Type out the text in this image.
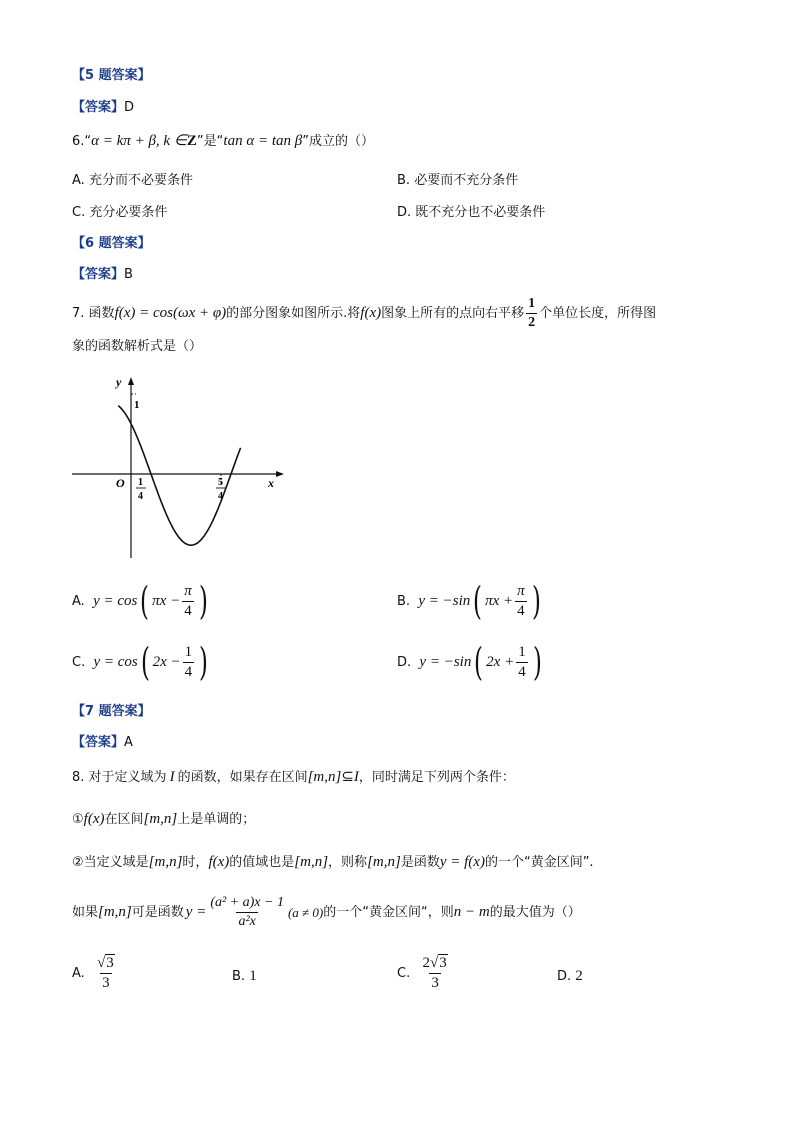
【5 题答案】
【答案】D
6. “ α = kπ + β , k ∈ Z ”是“ tan α = tan β ”成立的（）
A. 充分而不必要条件	B. 必要而不充分条件
C. 充分必要条件	D. 既不充分也不必要条件
【6 题答案】
【答案】B
7.
函数 f(x) = cos(ωx + φ) 的部分图象如图所示.将 f(x) 图象上所有的点向右平移 $\frac{1}{2}$ 个单位长度，所得图
象的函数解析式是（）
y
x
O
1
1
4
5
4
A.
y = cos ( $\pi x - \frac{\pi}{4}$ )	B.
y = −sin ( $\pi x + \frac{\pi}{4}$ )
C.
y = cos ( $2x - \frac{1}{4}$ )	D.
y = −sin ( $2x + \frac{1}{4}$ )
【7 题答案】
【答案】A
8.
对于定义域为 I 的函数，如果存在区间 [m,n] ⊆ I ，同时满足下列两个条件：
① f(x) 在区间 [m,n] 上是单调的；
②当定义域是 [m,n] 时， f(x) 的值域也是 [m,n] ，则称 [m,n] 是函数 y = f(x) 的一个“黄金区间”.
如果 [m,n] 可是函数 $y = \frac{\text{(a² + a)x − 1}}{\text{a²x}} (a \ne 0)$ 的一个“黄金区间“，则 n − m 的最大值为（）
A.
$\frac{√3}{3}$	B. 1	C.
$\frac{2√3}{3}$	D. 2
